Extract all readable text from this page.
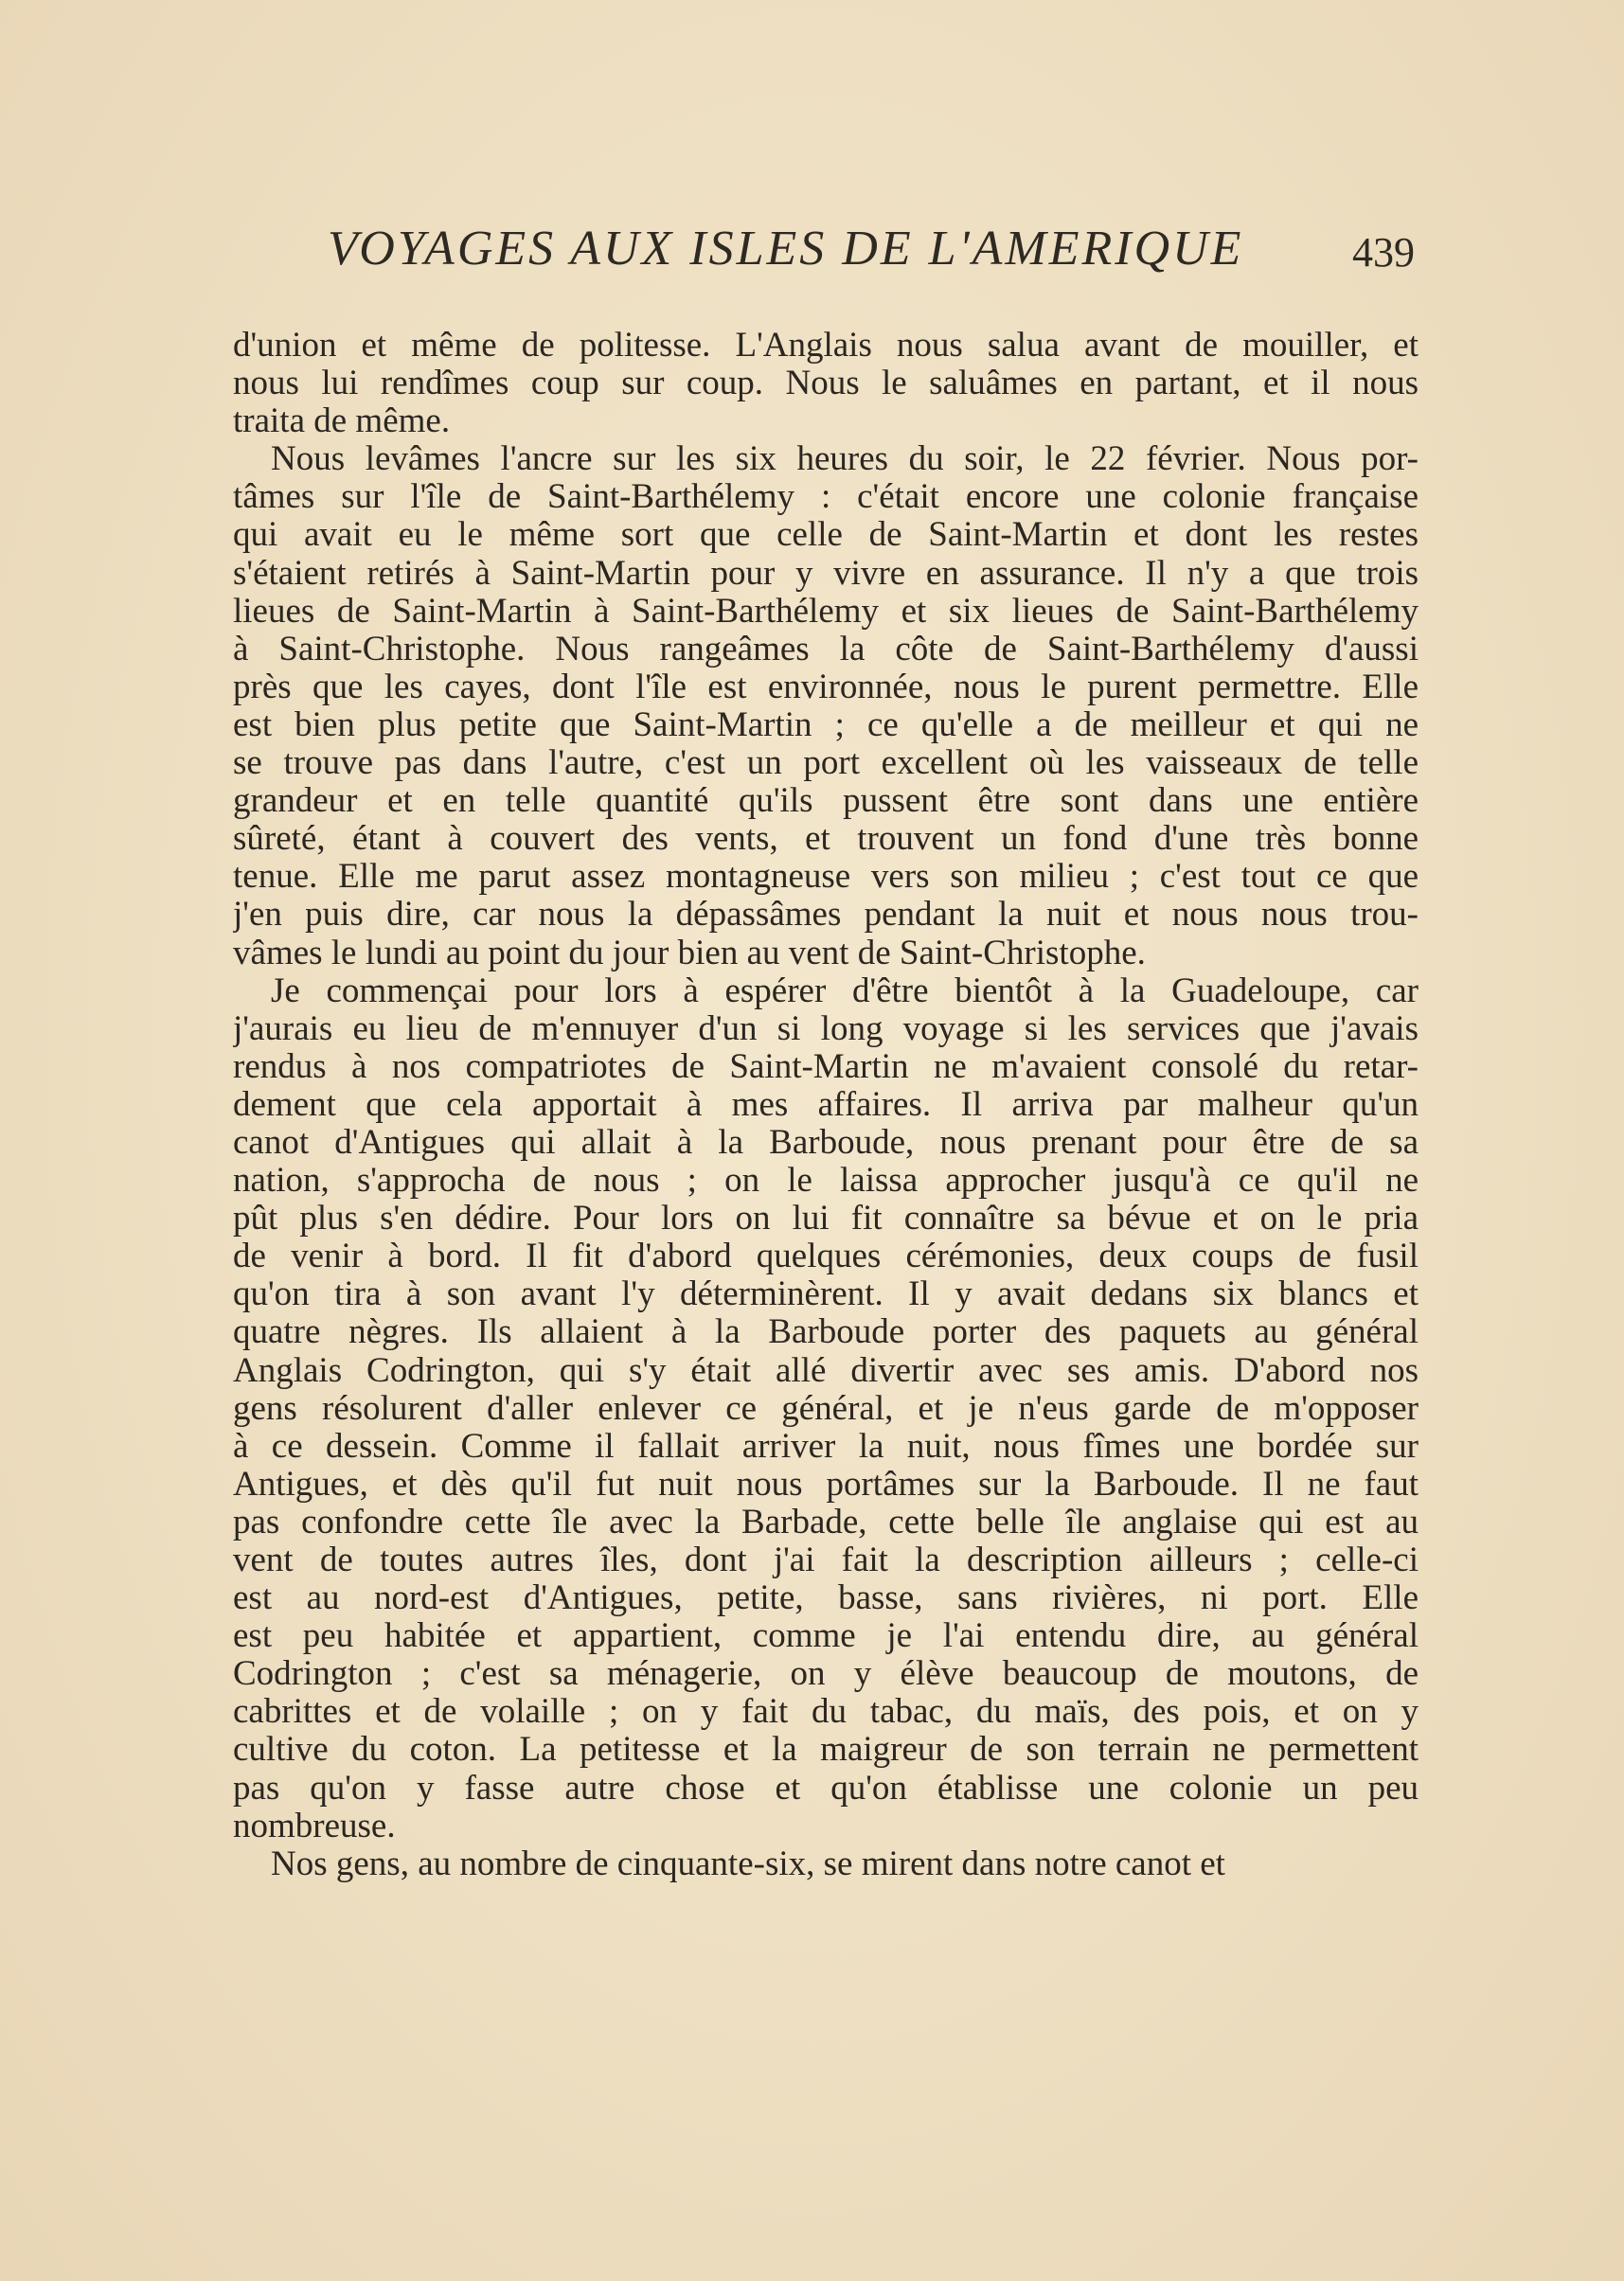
VOYAGES AUX ISLES DE L'AMERIQUE	439
d'union et même de politesse. L'Anglais nous salua avant de mouiller, et
nous lui rendîmes coup sur coup. Nous le saluâmes en partant, et il nous
traita de même.
Nous levâmes l'ancre sur les six heures du soir, le 22 février. Nous por-
tâmes sur l'île de Saint-Barthélemy : c'était encore une colonie française
qui avait eu le même sort que celle de Saint-Martin et dont les restes
s'étaient retirés à Saint-Martin pour y vivre en assurance. Il n'y a que trois
lieues de Saint-Martin à Saint-Barthélemy et six lieues de Saint-Barthélemy
à Saint-Christophe. Nous rangeâmes la côte de Saint-Barthélemy d'aussi
près que les cayes, dont l'île est environnée, nous le purent permettre. Elle
est bien plus petite que Saint-Martin ; ce qu'elle a de meilleur et qui ne
se trouve pas dans l'autre, c'est un port excellent où les vaisseaux de telle
grandeur et en telle quantité qu'ils pussent être sont dans une entière
sûreté, étant à couvert des vents, et trouvent un fond d'une très bonne
tenue. Elle me parut assez montagneuse vers son milieu ; c'est tout ce que
j'en puis dire, car nous la dépassâmes pendant la nuit et nous nous trou-
vâmes le lundi au point du jour bien au vent de Saint-Christophe.
Je commençai pour lors à espérer d'être bientôt à la Guadeloupe, car
j'aurais eu lieu de m'ennuyer d'un si long voyage si les services que j'avais
rendus à nos compatriotes de Saint-Martin ne m'avaient consolé du retar-
dement que cela apportait à mes affaires. Il arriva par malheur qu'un
canot d'Antigues qui allait à la Barboude, nous prenant pour être de sa
nation, s'approcha de nous ; on le laissa approcher jusqu'à ce qu'il ne
pût plus s'en dédire. Pour lors on lui fit connaître sa bévue et on le pria
de venir à bord. Il fit d'abord quelques cérémonies, deux coups de fusil
qu'on tira à son avant l'y déterminèrent. Il y avait dedans six blancs et
quatre nègres. Ils allaient à la Barboude porter des paquets au général
Anglais Codrington, qui s'y était allé divertir avec ses amis. D'abord nos
gens résolurent d'aller enlever ce général, et je n'eus garde de m'opposer
à ce dessein. Comme il fallait arriver la nuit, nous fîmes une bordée sur
Antigues, et dès qu'il fut nuit nous portâmes sur la Barboude. Il ne faut
pas confondre cette île avec la Barbade, cette belle île anglaise qui est au
vent de toutes autres îles, dont j'ai fait la description ailleurs ; celle-ci
est au nord-est d'Antigues, petite, basse, sans rivières, ni port. Elle
est peu habitée et appartient, comme je l'ai entendu dire, au général
Codrington ; c'est sa ménagerie, on y élève beaucoup de moutons, de
cabrittes et de volaille ; on y fait du tabac, du maïs, des pois, et on y
cultive du coton. La petitesse et la maigreur de son terrain ne permettent
pas qu'on y fasse autre chose et qu'on établisse une colonie un peu
nombreuse.
Nos gens, au nombre de cinquante-six, se mirent dans notre canot et
